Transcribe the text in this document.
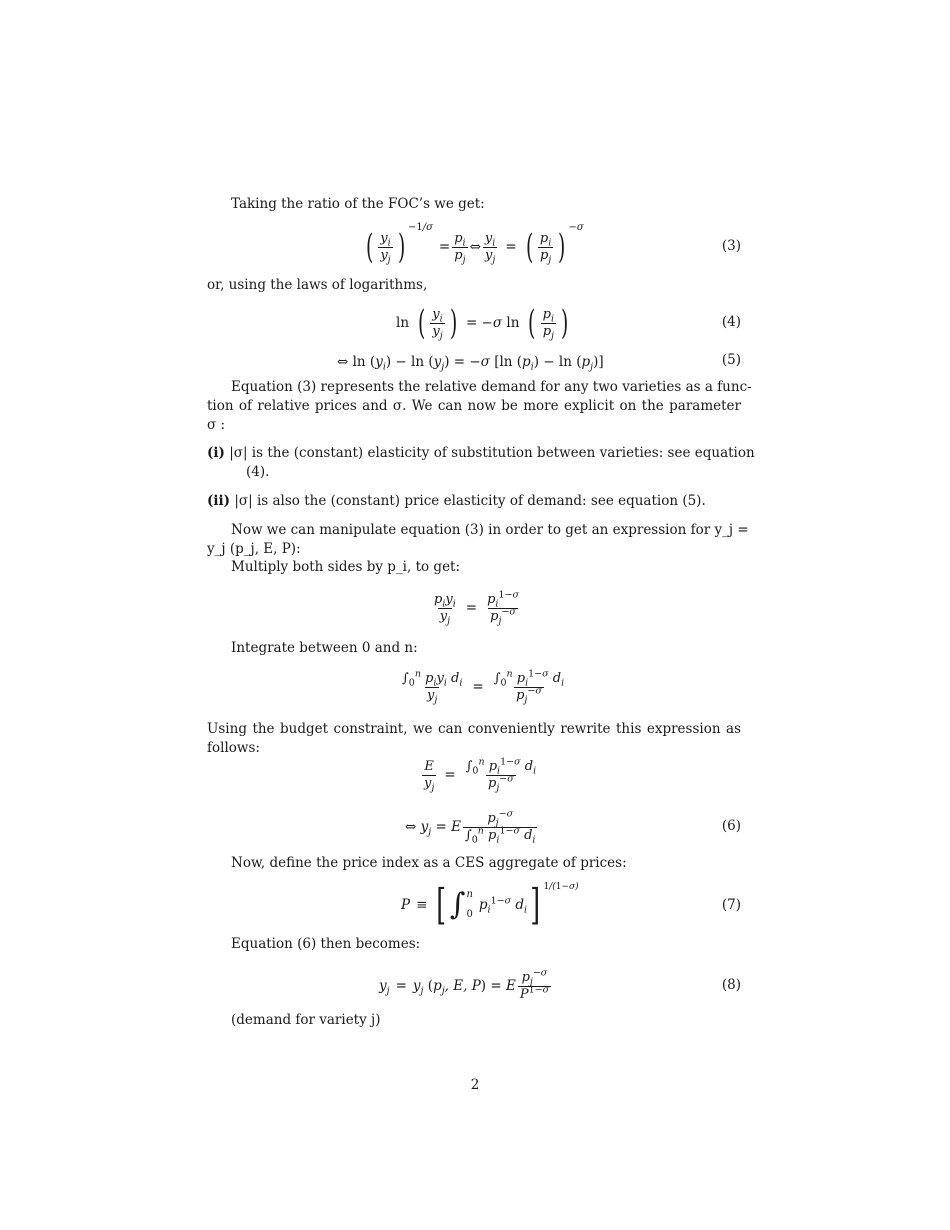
Taking the ratio of the FOC’s we get:
( $\frac{y_i}{y_j}$ ) −1/σ
= $\frac{p_i}{p_j}$ ⇔ $\frac{y_i}{y_j}$ = ( $\frac{p_i}{p_j}$ ) −σ
(3)
or, using the laws of logarithms,
ln ( $\frac{y_i}{y_j}$ ) = −σ ln ( $\frac{p_i}{p_j}$ )	(4)
⇔ $\ln (y_i) - \ln (y_j) = -\sigma$ [ln $(p_i) - \ln (p_j)$]	(5)
Equation (3) represents the relative demand for any two varieties as a func-
tion of relative prices and σ. We can now be more explicit on the parameter
σ :
(i) |σ| is the (constant) elasticity of substitution between varieties: see equation
(4).
(ii) |σ| is also the (constant) price elasticity of demand: see equation (5).
Now we can manipulate equation (3) in order to get an expression for y_j =
y_j (p_j, E, P):
Multiply both sides by p_i, to get:
$\frac{p_iy_i}{y_j} = \frac{p_i^{1-\sigma}}{p_j^{-\sigma}}$
Integrate between 0 and n:
$\frac{\int_0^n p_iy_i d_i}{y_j} = \frac{\int_0^n p_i^{1-\sigma} d_i}{p_j^{-\sigma}}$
Using the budget constraint, we can conveniently rewrite this expression as
follows:
$\frac{E}{y_j} = \frac{\int_0^n p_i^{1-\sigma} d_i}{p_j^{-\sigma}}$
⇔ $y_j = E \frac{p_j^{-\sigma}}{\int_0^n p_i^{1-\sigma} d_i}$	(6)
Now, define the price index as a CES aggregate of prices:
P ≡ [ ∫ n
0
$p_i^{1-\sigma}$ $d_i$ ] 1/(1−σ)
(7)
Equation (6) then becomes:
$y_j = y_j$ ($p_j$, E, P) = E $\frac{p_j^{-\sigma}}{P^{1-\sigma}}$	(8)
(demand for variety j)
2
